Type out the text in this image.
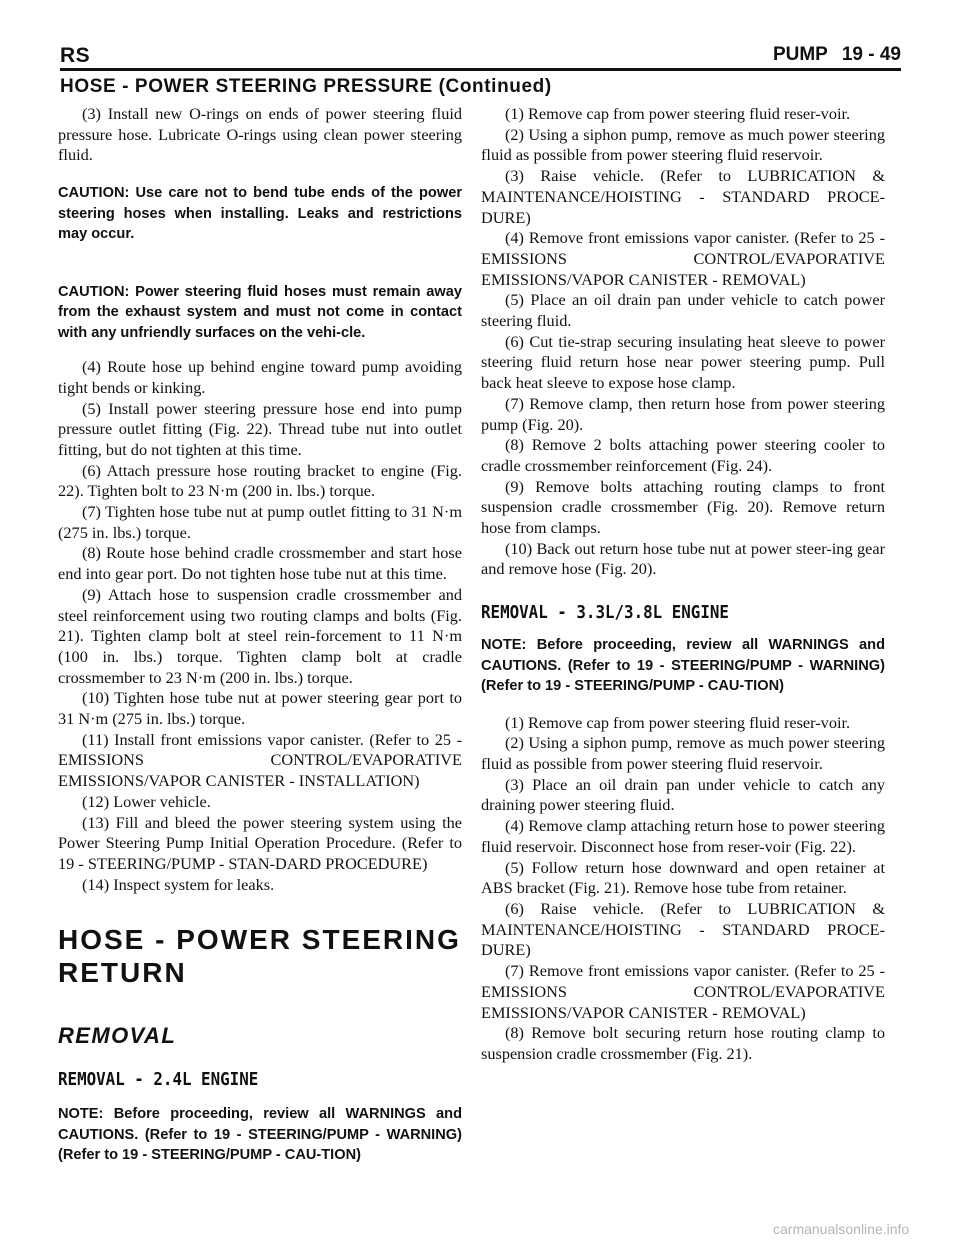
RS	PUMP 19 - 49
HOSE - POWER STEERING PRESSURE (Continued)

(3) Install new O-rings on ends of power steering fluid pressure hose. Lubricate O-rings using clean power steering fluid.

CAUTION: Use care not to bend tube ends of the power steering hoses when installing. Leaks and restrictions may occur.

CAUTION: Power steering fluid hoses must remain away from the exhaust system and must not come in contact with any unfriendly surfaces on the vehi-cle.

(4) Route hose up behind engine toward pump avoiding tight bends or kinking.

(5) Install power steering pressure hose end into pump pressure outlet fitting (Fig. 22). Thread tube nut into outlet fitting, but do not tighten at this time.

(6) Attach pressure hose routing bracket to engine (Fig. 22). Tighten bolt to 23 N·m (200 in. lbs.) torque.

(7) Tighten hose tube nut at pump outlet fitting to 31 N·m (275 in. lbs.) torque.

(8) Route hose behind cradle crossmember and start hose end into gear port. Do not tighten hose tube nut at this time.

(9) Attach hose to suspension cradle crossmember and steel reinforcement using two routing clamps and bolts (Fig. 21). Tighten clamp bolt at steel rein-forcement to 11 N·m (100 in. lbs.) torque. Tighten clamp bolt at cradle crossmember to 23 N·m (200 in. lbs.) torque.

(10) Tighten hose tube nut at power steering gear port to 31 N·m (275 in. lbs.) torque.

(11) Install front emissions vapor canister. (Refer to 25 - EMISSIONS CONTROL/EVAPORATIVE EMISSIONS/VAPOR CANISTER - INSTALLATION)

(12) Lower vehicle.

(13) Fill and bleed the power steering system using the Power Steering Pump Initial Operation Procedure. (Refer to 19 - STEERING/PUMP - STAN-DARD PROCEDURE)

(14) Inspect system for leaks.

HOSE - POWER STEERING RETURN

REMOVAL

REMOVAL - 2.4L ENGINE

NOTE: Before proceeding, review all WARNINGS and CAUTIONS. (Refer to 19 - STEERING/PUMP - WARNING)(Refer to 19 - STEERING/PUMP - CAU-TION)

(1) Remove cap from power steering fluid reser-voir.

(2) Using a siphon pump, remove as much power steering fluid as possible from power steering fluid reservoir.

(3) Raise vehicle. (Refer to LUBRICATION & MAINTENANCE/HOISTING - STANDARD PROCE-DURE)

(4) Remove front emissions vapor canister. (Refer to 25 - EMISSIONS CONTROL/EVAPORATIVE EMISSIONS/VAPOR CANISTER - REMOVAL)

(5) Place an oil drain pan under vehicle to catch power steering fluid.

(6) Cut tie-strap securing insulating heat sleeve to power steering fluid return hose near power steering pump. Pull back heat sleeve to expose hose clamp.

(7) Remove clamp, then return hose from power steering pump (Fig. 20).

(8) Remove 2 bolts attaching power steering cooler to cradle crossmember reinforcement (Fig. 24).

(9) Remove bolts attaching routing clamps to front suspension cradle crossmember (Fig. 20). Remove return hose from clamps.

(10) Back out return hose tube nut at power steer-ing gear and remove hose (Fig. 20).

REMOVAL - 3.3L/3.8L ENGINE

NOTE: Before proceeding, review all WARNINGS and CAUTIONS. (Refer to 19 - STEERING/PUMP - WARNING)(Refer to 19 - STEERING/PUMP - CAU-TION)

(1) Remove cap from power steering fluid reser-voir.

(2) Using a siphon pump, remove as much power steering fluid as possible from power steering fluid reservoir.

(3) Place an oil drain pan under vehicle to catch any draining power steering fluid.

(4) Remove clamp attaching return hose to power steering fluid reservoir. Disconnect hose from reser-voir (Fig. 22).

(5) Follow return hose downward and open retainer at ABS bracket (Fig. 21). Remove hose tube from retainer.

(6) Raise vehicle. (Refer to LUBRICATION & MAINTENANCE/HOISTING - STANDARD PROCE-DURE)

(7) Remove front emissions vapor canister. (Refer to 25 - EMISSIONS CONTROL/EVAPORATIVE EMISSIONS/VAPOR CANISTER - REMOVAL)

(8) Remove bolt securing return hose routing clamp to suspension cradle crossmember (Fig. 21).

carmanualsonline.info
